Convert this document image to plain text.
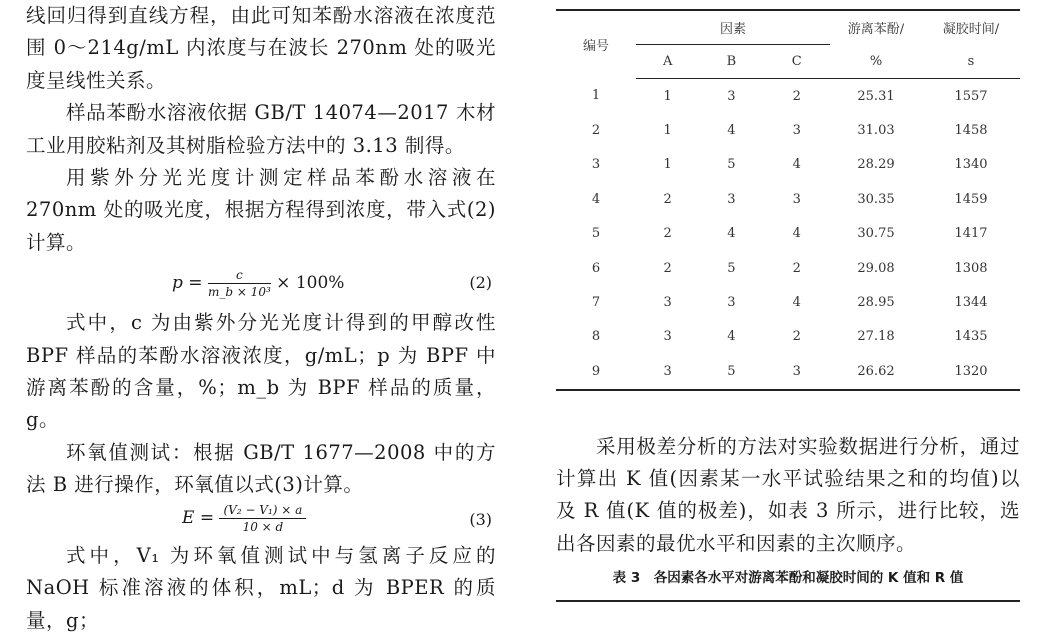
线回归得到直线方程，由此可知苯酚水溶液在浓度范围 0～214g/mL 内浓度与在波长 270nm 处的吸光度呈线性关系。

样品苯酚水溶液依据 GB/T 14074—2017 木材工业用胶粘剂及其树脂检验方法中的 3.13 制得。

用紫外分光光度计测定样品苯酚水溶液在 270nm 处的吸光度，根据方程得到浓度，带入式(2)计算。

$p = \frac{c}{\text{m\_b × 10³}} \times 100\%$	(2)

式中，c 为由紫外分光光度计得到的甲醇改性 BPF 样品的苯酚水溶液浓度，g/mL；p 为 BPF 中游离苯酚的含量，%；m_b 为 BPF 样品的质量，g。

环氧值测试：根据 GB/T 1677—2008 中的方法 B 进行操作，环氧值以式(3)计算。

$E = \frac{\text{(V₂ − V₁) × a}}{10 \times d}$	(3)

式中，V₁ 为环氧值测试中与氢离子反应的 NaOH 标准溶液的体积，mL；d 为 BPER 的质量，g；

编号	因素			游离苯酚/	凝胶时间/
	A	B	C	%	s
1	1	3	2	25.31	1557
2	1	4	3	31.03	1458
3	1	5	4	28.29	1340
4	2	3	3	30.35	1459
5	2	4	4	30.75	1417
6	2	5	2	29.08	1308
7	3	3	4	28.95	1344
8	3	4	2	27.18	1435
9	3	5	3	26.62	1320

采用极差分析的方法对实验数据进行分析，通过计算出 K 值(因素某一水平试验结果之和的均值)以及 R 值(K 值的极差)，如表 3 所示，进行比较，选出各因素的最优水平和因素的主次顺序。

表 3　各因素各水平对游离苯酚和凝胶时间的 K 值和 R 值
